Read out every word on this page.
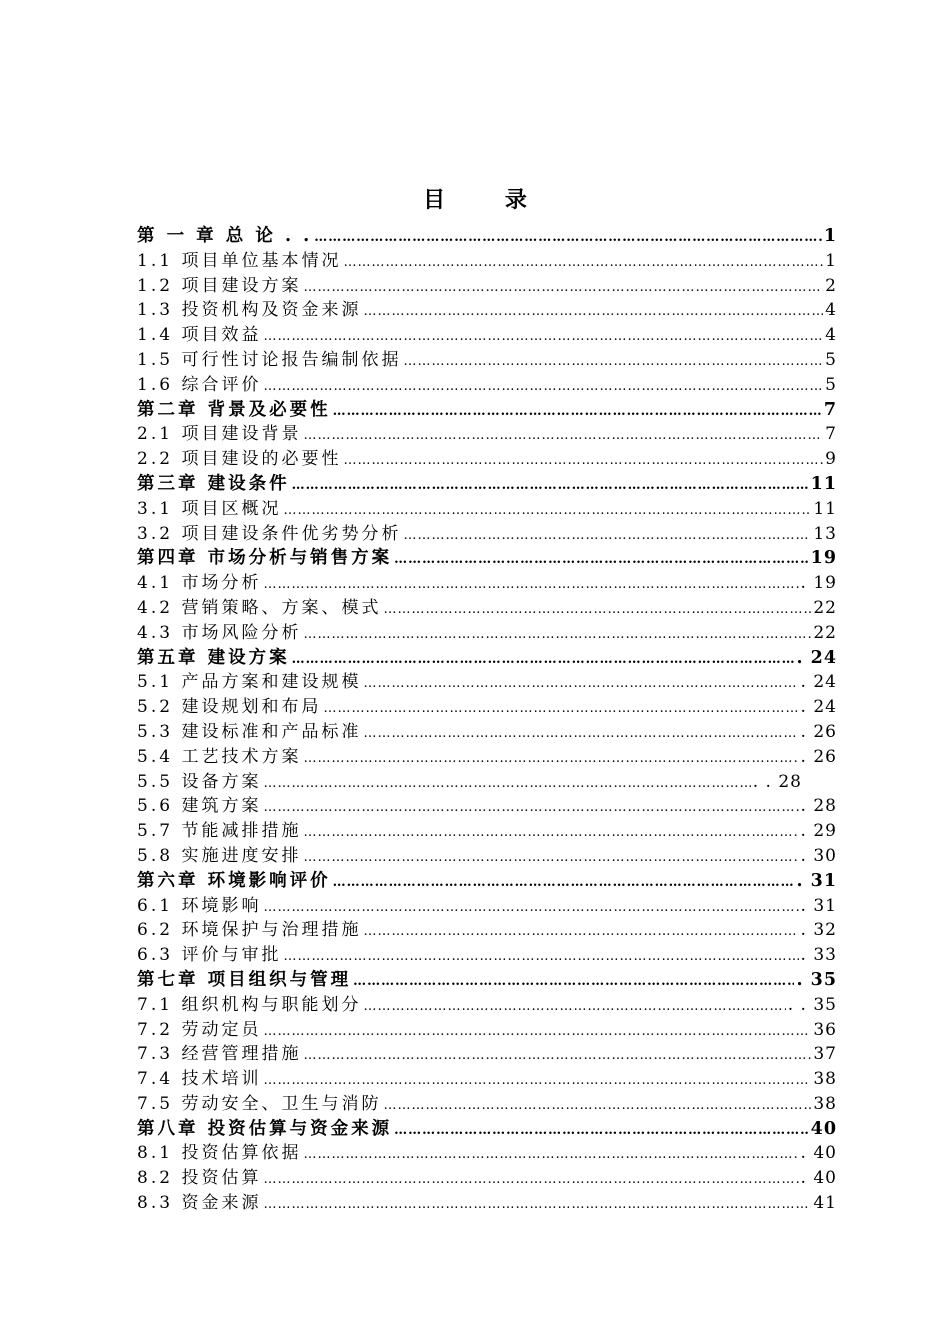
目 录
第 一 章 总 论 . . ……………………………………………………………………………………………………………………………………………………………………	1
1.1 项目单位基本情况 ……………………………………………………………………………………………………………………………………………………………………	1
1.2 项目建设方案 ……………………………………………………………………………………………………………………………………………………………………	2
1.3 投资机构及资金来源 ……………………………………………………………………………………………………………………………………………………………………	4
1.4 项目效益 ……………………………………………………………………………………………………………………………………………………………………	4
1.5 可行性讨论报告编制依据 ……………………………………………………………………………………………………………………………………………………………………	5
1.6 综合评价 ……………………………………………………………………………………………………………………………………………………………………	5
第二章 背景及必要性 ……………………………………………………………………………………………………………………………………………………………………	7
2.1 项目建设背景 ……………………………………………………………………………………………………………………………………………………………………	7
2.2 项目建设的必要性 ……………………………………………………………………………………………………………………………………………………………………	9
第三章 建设条件 ……………………………………………………………………………………………………………………………………………………………………	11
3.1 项目区概况 ……………………………………………………………………………………………………………………………………………………………………	11
3.2 项目建设条件优劣势分析 ……………………………………………………………………………………………………………………………………………………………………	13
第四章 市场分析与销售方案 ……………………………………………………………………………………………………………………………………………………………………	19
4.1 市场分析 ……………………………………………………………………………………………………………………………………………………………………	. 19
4.2 营销策略、方案、模式 ……………………………………………………………………………………………………………………………………………………………………	22
4.3 市场风险分析 ……………………………………………………………………………………………………………………………………………………………………	22
第五章 建设方案 ……………………………………………………………………………………………………………………………………………………………………	. 24
5.1 产品方案和建设规模 ……………………………………………………………………………………………………………………………………………………………………	. 24
5.2 建设规划和布局 ……………………………………………………………………………………………………………………………………………………………………	. 24
5.3 建设标准和产品标准 ……………………………………………………………………………………………………………………………………………………………………	. 26
5.4 工艺技术方案 ……………………………………………………………………………………………………………………………………………………………………	. 26
5.5 设备方案 ……………………………………………………………………………………………………………………………………………………………………	. . 28
5.6 建筑方案 ……………………………………………………………………………………………………………………………………………………………………	. 28
5.7 节能减排措施 ……………………………………………………………………………………………………………………………………………………………………	. 29
5.8 实施进度安排 ……………………………………………………………………………………………………………………………………………………………………	. 30
第六章 环境影响评价 ……………………………………………………………………………………………………………………………………………………………………	. 31
6.1 环境影响 ……………………………………………………………………………………………………………………………………………………………………	. 31
6.2 环境保护与治理措施 ……………………………………………………………………………………………………………………………………………………………………	. 32
6.3 评价与审批 ……………………………………………………………………………………………………………………………………………………………………	. 33
第七章 项目组织与管理 ……………………………………………………………………………………………………………………………………………………………………	. 35
7.1 组织机构与职能划分 ……………………………………………………………………………………………………………………………………………………………………	. . 35
7.2 劳动定员 ……………………………………………………………………………………………………………………………………………………………………	36
7.3 经营管理措施 ……………………………………………………………………………………………………………………………………………………………………	37
7.4 技术培训 ……………………………………………………………………………………………………………………………………………………………………	38
7.5 劳动安全、卫生与消防 ……………………………………………………………………………………………………………………………………………………………………	38
第八章 投资估算与资金来源 ……………………………………………………………………………………………………………………………………………………………………	40
8.1 投资估算依据 ……………………………………………………………………………………………………………………………………………………………………	. 40
8.2 投资估算 ……………………………………………………………………………………………………………………………………………………………………	. 40
8.3 资金来源 ……………………………………………………………………………………………………………………………………………………………………	41
